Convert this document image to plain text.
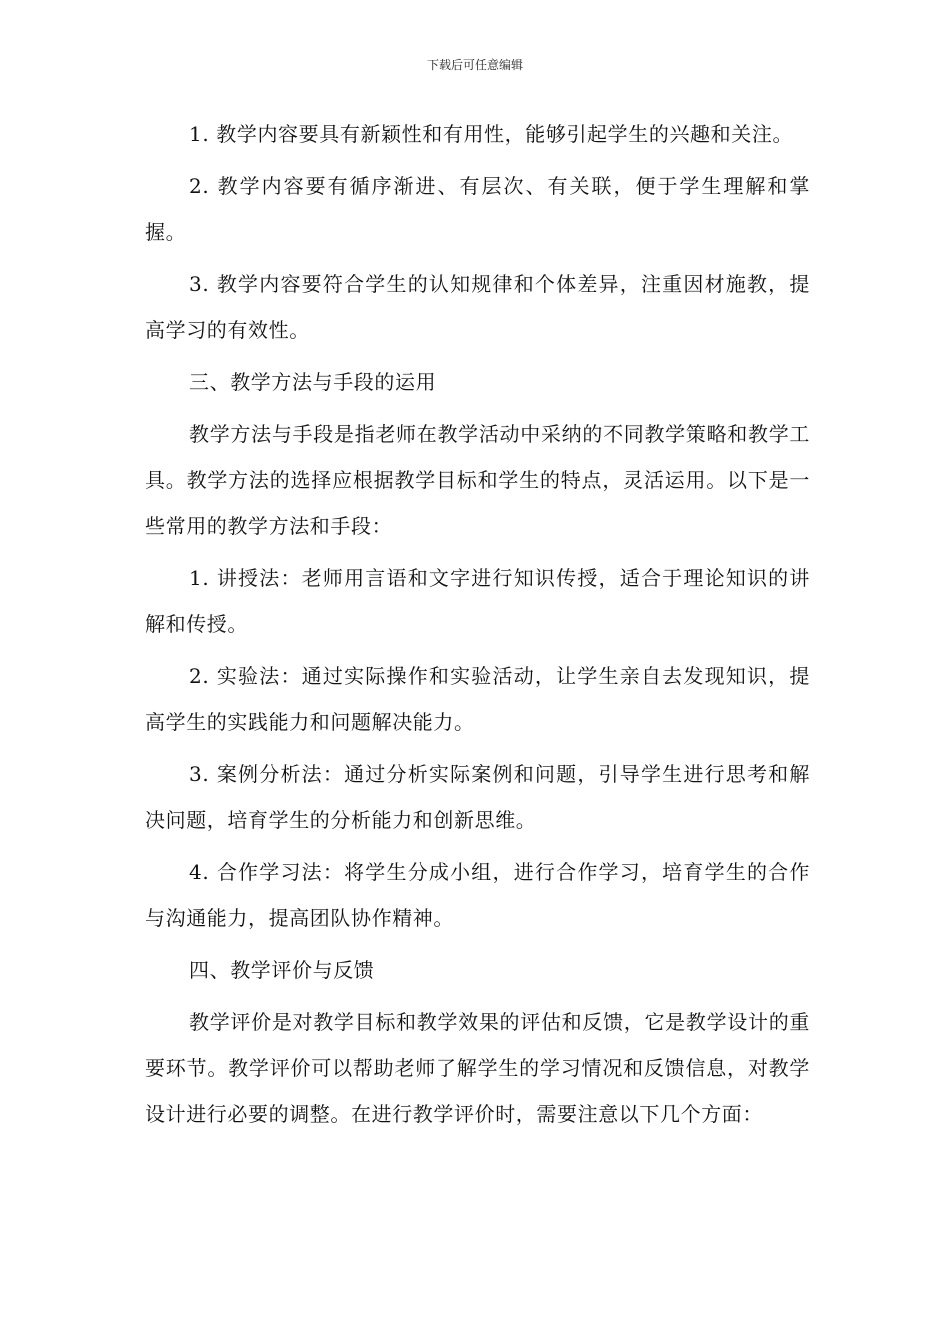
下载后可任意编辑

1. 教学内容要具有新颖性和有用性，能够引起学生的兴趣和关注。

2. 教学内容要有循序渐进、有层次、有关联，便于学生理解和掌握。

3. 教学内容要符合学生的认知规律和个体差异，注重因材施教，提高学习的有效性。

三、教学方法与手段的运用

教学方法与手段是指老师在教学活动中采纳的不同教学策略和教学工具。教学方法的选择应根据教学目标和学生的特点，灵活运用。以下是一些常用的教学方法和手段：

1. 讲授法：老师用言语和文字进行知识传授，适合于理论知识的讲解和传授。

2. 实验法：通过实际操作和实验活动，让学生亲自去发现知识，提高学生的实践能力和问题解决能力。

3. 案例分析法：通过分析实际案例和问题，引导学生进行思考和解决问题，培育学生的分析能力和创新思维。

4. 合作学习法：将学生分成小组，进行合作学习，培育学生的合作与沟通能力，提高团队协作精神。

四、教学评价与反馈

教学评价是对教学目标和教学效果的评估和反馈，它是教学设计的重要环节。教学评价可以帮助老师了解学生的学习情况和反馈信息，对教学设计进行必要的调整。在进行教学评价时，需要注意以下几个方面：
